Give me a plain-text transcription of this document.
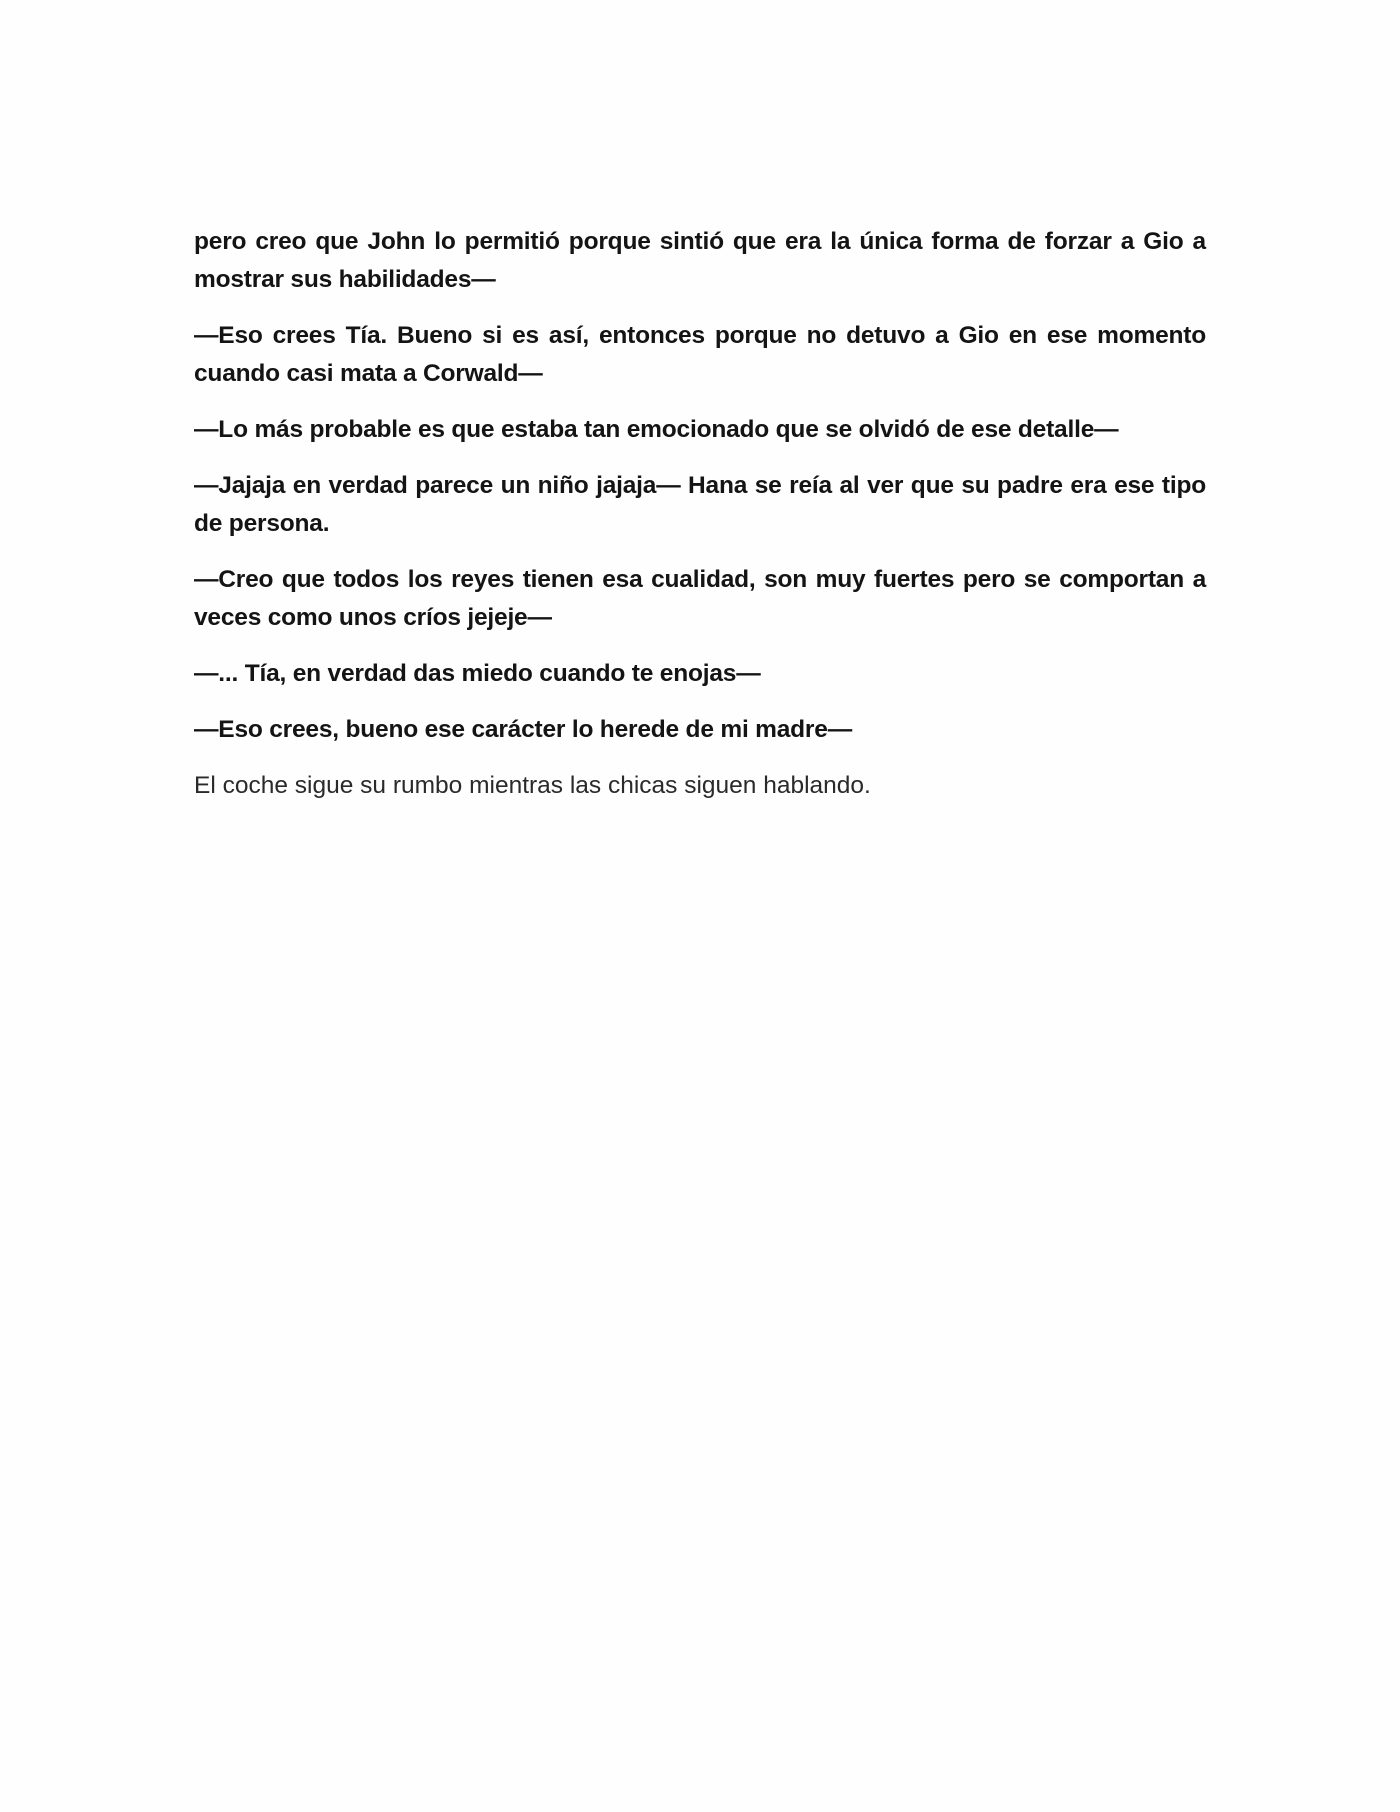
pero creo que John lo permitió porque sintió que era la única forma de forzar a Gio a mostrar sus habilidades—

—Eso crees Tía. Bueno si es así, entonces porque no detuvo a Gio en ese momento cuando casi mata a Corwald—

—Lo más probable es que estaba tan emocionado que se olvidó de ese detalle—

—Jajaja en verdad parece un niño jajaja— Hana se reía al ver que su padre era ese tipo de persona.

—Creo que todos los reyes tienen esa cualidad, son muy fuertes pero se comportan a veces como unos críos jejeje—

—... Tía, en verdad das miedo cuando te enojas—

—Eso crees, bueno ese carácter lo herede de mi madre—

El coche sigue su rumbo mientras las chicas siguen hablando.
